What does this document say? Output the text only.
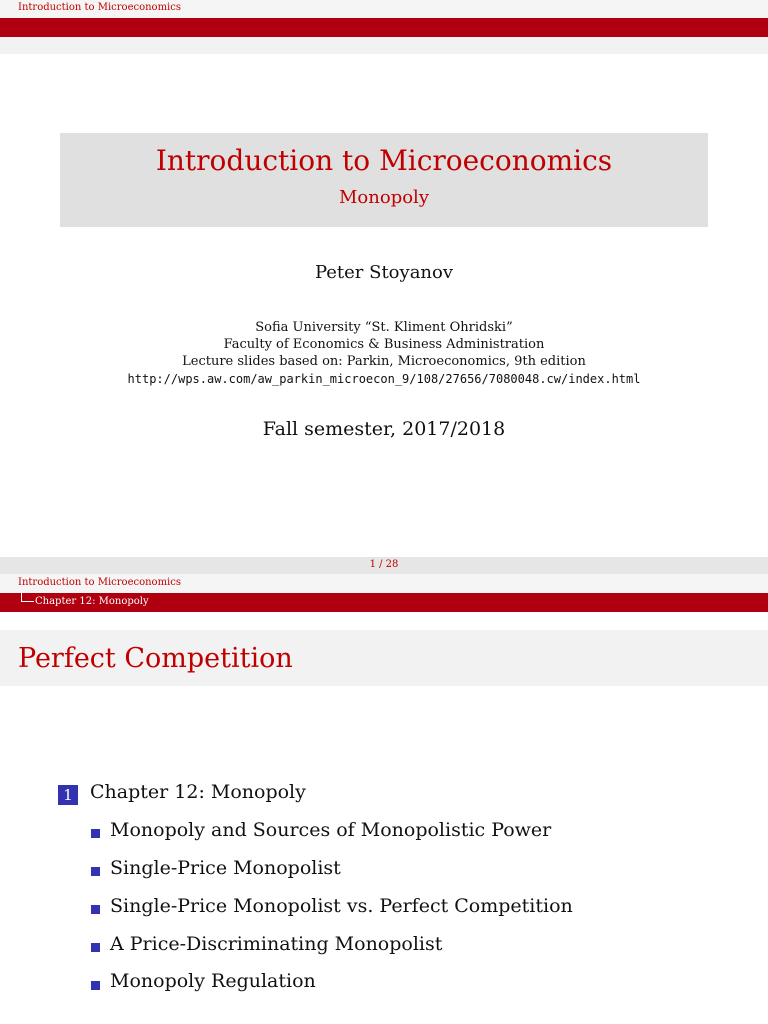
Introduction to Microeconomics
Introduction to Microeconomics
Monopoly
Peter Stoyanov
Sofia University “St. Kliment Ohridski”
Faculty of Economics & Business Administration
Lecture slides based on: Parkin, Microeconomics, 9th edition
http://wps.aw.com/aw_parkin_microecon_9/108/27656/7080048.cw/index.html
Fall semester, 2017/2018
1 / 28
Introduction to Microeconomics
Chapter 12: Monopoly
Perfect Competition
1 Chapter 12: Monopoly
Monopoly and Sources of Monopolistic Power
Single-Price Monopolist
Single-Price Monopolist vs. Perfect Competition
A Price-Discriminating Monopolist
Monopoly Regulation
